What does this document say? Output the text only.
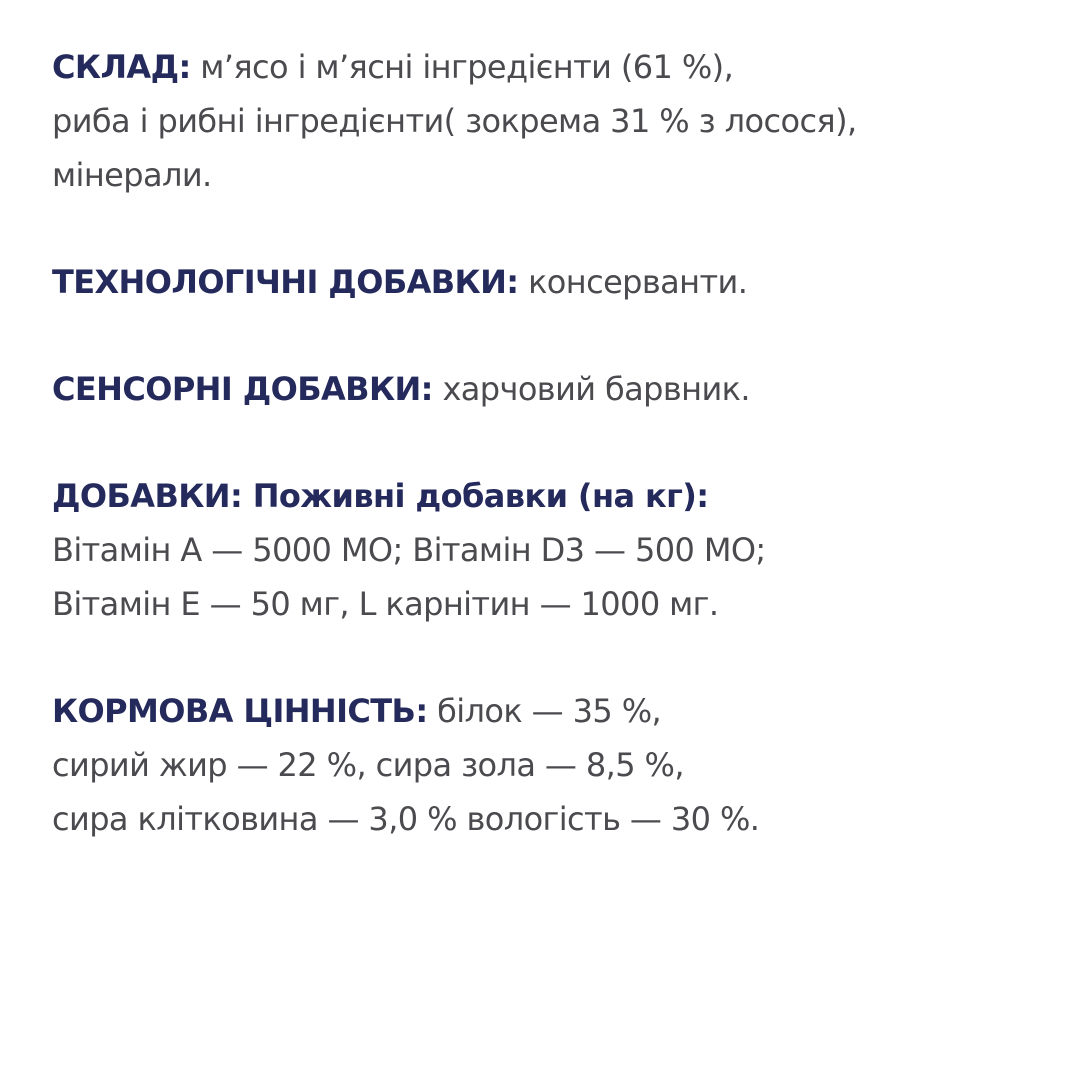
СКЛАД: м’ясо і м’ясні інгредієнти (61 %),
риба і рибні інгредієнти( зокрема 31 % з лосося),
мінерали.
ТЕХНОЛОГІЧНІ ДОБАВКИ: консерванти.
СЕНСОРНІ ДОБАВКИ: харчовий барвник.
ДОБАВКИ: Поживні добавки (на кг):
Вітамін А — 5000 МО; Вітамін D3 — 500 МО;
Вітамін Е — 50 мг, L карнітин — 1000 мг.
КОРМОВА ЦІННІСТЬ: білок — 35 %,
сирий жир — 22 %, сира зола — 8,5 %,
сира клітковина — 3,0 % вологість — 30 %.
